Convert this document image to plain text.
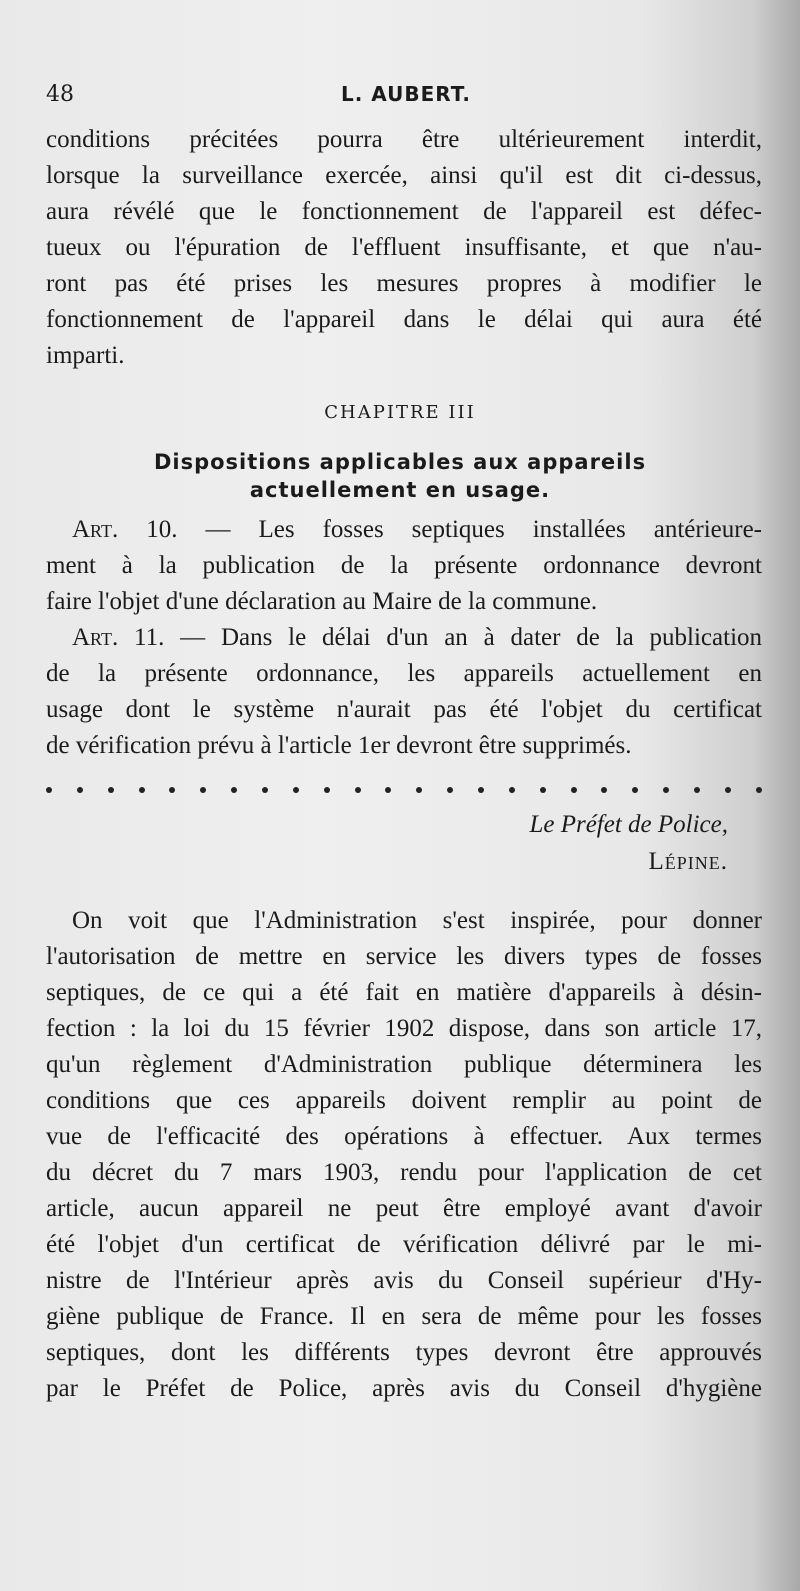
48	L. AUBERT.
conditions précitées pourra être ultérieurement interdit,
lorsque la surveillance exercée, ainsi qu'il est dit ci-dessus,
aura révélé que le fonctionnement de l'appareil est défec-
tueux ou l'épuration de l'effluent insuffisante, et que n'au-
ront pas été prises les mesures propres à modifier le
fonctionnement de l'appareil dans le délai qui aura été
imparti.
CHAPITRE III
Dispositions applicables aux appareils
actuellement en usage.
Art. 10. — Les fosses septiques installées antérieure-
ment à la publication de la présente ordonnance devront
faire l'objet d'une déclaration au Maire de la commune.
Art. 11. — Dans le délai d'un an à dater de la publication
de la présente ordonnance, les appareils actuellement en
usage dont le système n'aurait pas été l'objet du certificat
de vérification prévu à l'article 1er devront être supprimés.
Le Préfet de Police,
Lépine.
On voit que l'Administration s'est inspirée, pour donner
l'autorisation de mettre en service les divers types de fosses
septiques, de ce qui a été fait en matière d'appareils à désin-
fection : la loi du 15 février 1902 dispose, dans son article 17,
qu'un règlement d'Administration publique déterminera les
conditions que ces appareils doivent remplir au point de
vue de l'efficacité des opérations à effectuer. Aux termes
du décret du 7 mars 1903, rendu pour l'application de cet
article, aucun appareil ne peut être employé avant d'avoir
été l'objet d'un certificat de vérification délivré par le mi-
nistre de l'Intérieur après avis du Conseil supérieur d'Hy-
giène publique de France. Il en sera de même pour les fosses
septiques, dont les différents types devront être approuvés
par le Préfet de Police, après avis du Conseil d'hygiène
